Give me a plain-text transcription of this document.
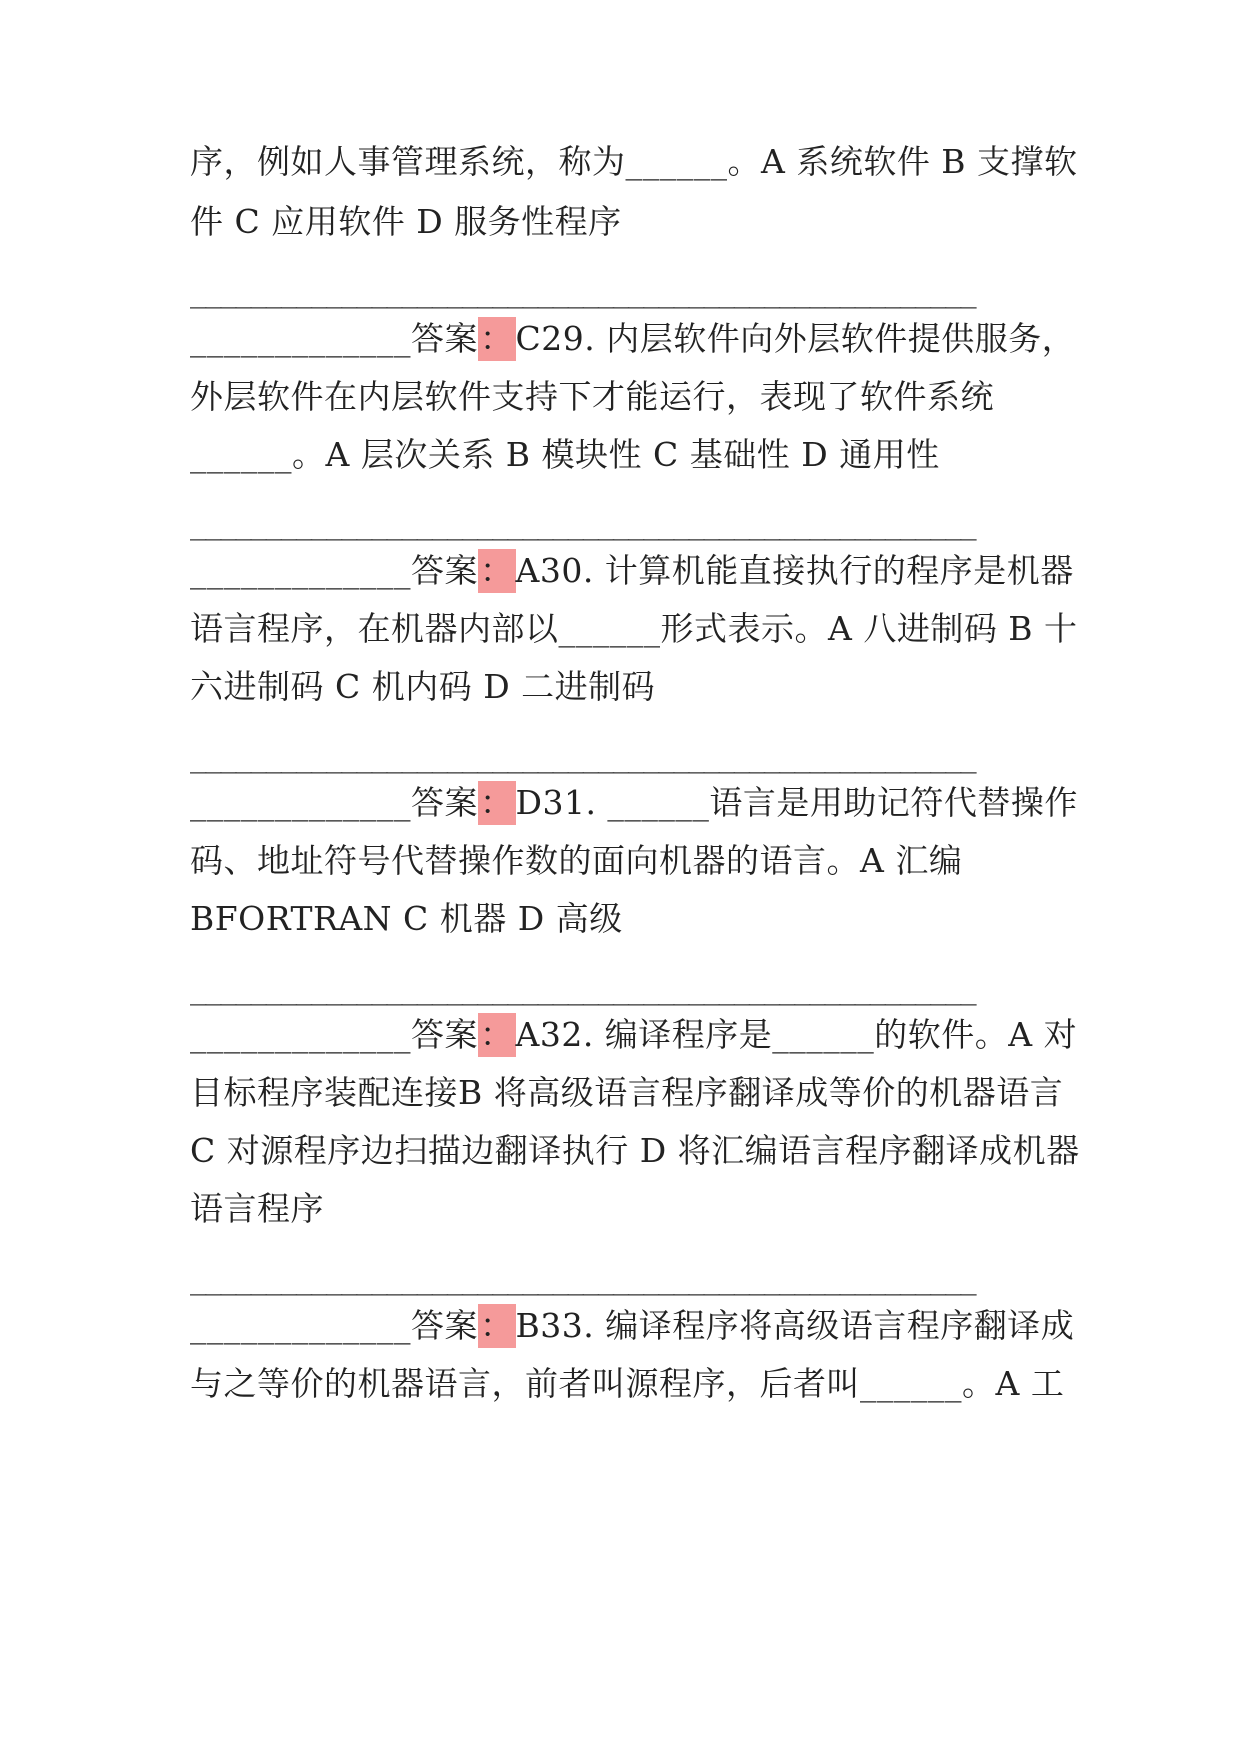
序，例如人事管理系统，称为______。A 系统软件 B 支撑软
件 C 应用软件 D 服务性程序
____________________________________________________
_____________答案：C29. 内层软件向外层软件提供服务，
外层软件在内层软件支持下才能运行，表现了软件系统
______。A 层次关系 B 模块性 C 基础性 D 通用性
____________________________________________________
_____________答案：A30. 计算机能直接执行的程序是机器
语言程序，在机器内部以______形式表示。A 八进制码 B 十
六进制码 C 机内码 D 二进制码
____________________________________________________
_____________答案：D31. ______语言是用助记符代替操作
码、地址符号代替操作数的面向机器的语言。A 汇编
BFORTRAN C 机器 D 高级
____________________________________________________
_____________答案：A32. 编译程序是______的软件。A 对
目标程序装配连接B 将高级语言程序翻译成等价的机器语言
C 对源程序边扫描边翻译执行 D 将汇编语言程序翻译成机器
语言程序
____________________________________________________
_____________答案：B33. 编译程序将高级语言程序翻译成
与之等价的机器语言，前者叫源程序，后者叫______。A 工
